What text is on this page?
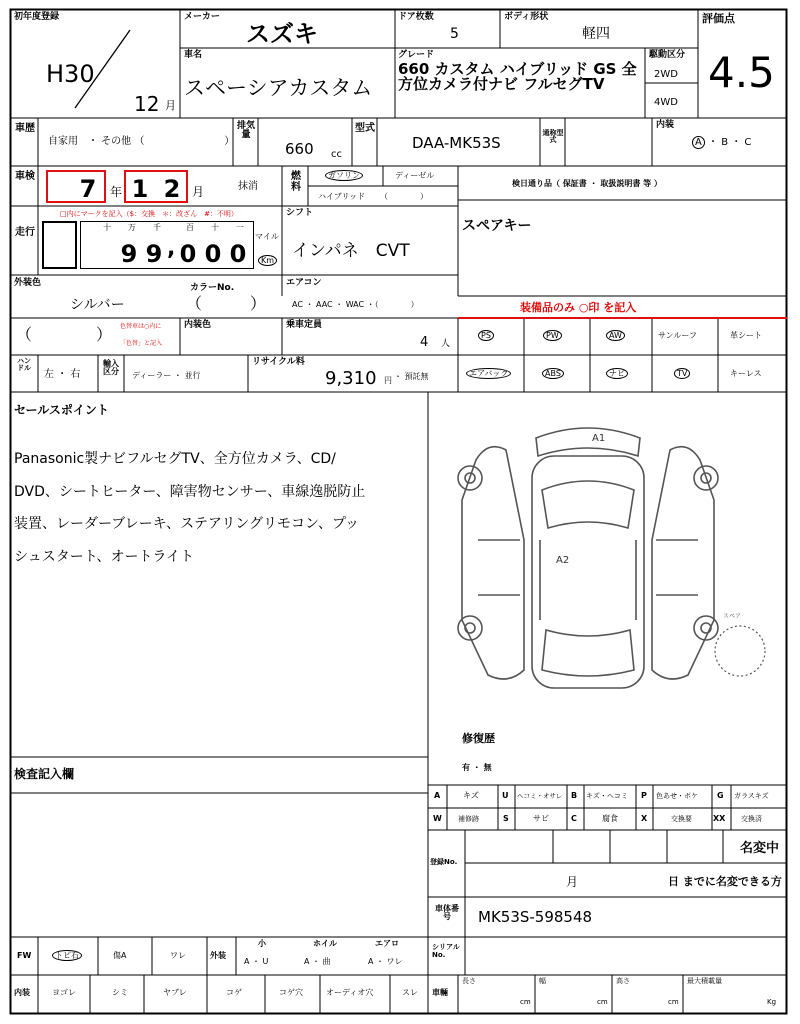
初年度登録
H30
12 月
メーカー
スズキ
車名
スペーシアカスタム
ドア枚数
5
ボディ形状
軽四
グレード
660 カスタム ハイブリッド GS 全方位カメラ付ナビ フルセグTV
駆動区分
2WD
4WD
評価点
4.5
車歴
自家用　・ その他 （　　　　　　　　）
排気量
660 cc
型式
DAA-MK53S
通称型式
内装
A ・ B ・ C
車検 7	年 1 2 月	抹消
燃料
ガソリン	ディーゼル
ハイブリッド （　　　　）
検日通り品（ 保証書 ・ 取扱説明書 等 ）
走行
□内にマークを記入（$：交換　＊：改ざん　#：不明）
十 万 千	百 十 一
9 9 , 0 0 0
マイル
Km
シフト
インパネ　CVT
スペアキー
外装色
シルバー
カラーNo.
（　　　）
エアコン
AC ・ AAC ・ WAC ・（　　　　）	装備品のみ ○印 を記入
（　　　　） 色替車は○内に
「色替」と記入
内装色	乗車定員
4 人
PS	PW	AW	サンルーフ	革シート
エアバック	ABS	ナビ	TV	キーレス
ハンドル
左 ・ 右
輸入区分	ディーラー ・ 並行
リサイクル料
9,310 円 ・ 預託無
セールスポイント
Panasonic製ナビフルセグTV、全方位カメラ、CD/
DVD、シートヒーター、障害物センサー、車線逸脱防止
装置、レーダーブレーキ、ステアリングリモコン、プッ
シュスタート、オートライト
A1
A2
スペア
修復歴
有 ・ 無
検査記入欄
A	キズ	U ヘコミ・オサレ B キズ・ヘコミ P 色あせ・ボケ G ガラスキズ
W 補修跡	S	サビ	C	腐食	X	交換要	XX 交換済
登録No.
名変中
月	日 までに名変できる方
車体番号	MK53S-598548
FW	トビ石	傷A	ワレ	外装
小
A ・ U
ホイル
A ・ 曲
エアロ
A ・ ワレ
シリアルNo.
内装	ヨゴレ	シミ	ヤブレ	コゲ	コゲ穴	オーディオ穴	スレ 車輛
長さ
cm
幅
cm
高さ
cm
最大積載量
Kg
